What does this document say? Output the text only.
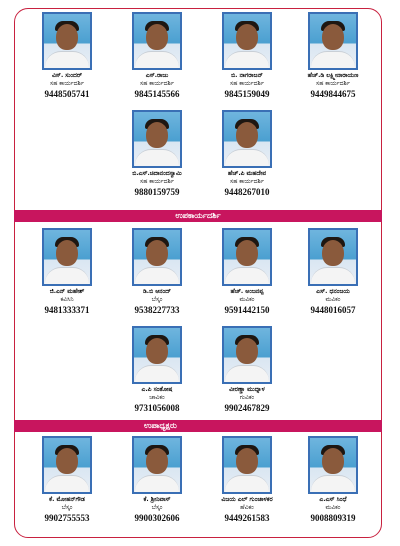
ವಿಸ್. ಸುಂದರ್
ಸಹ ಕಾರ್ಯದರ್ಶಿ
9448505741
ಎಸ್.ರಾಜು
ಸಹ ಕಾರ್ಯದರ್ಶಿ
9845145566
ಬಿ. ನಾಗರಾಜನ್
ಸಹ ಕಾರ್ಯದರ್ಶಿ
9845159049
ಹೆಚ್.ಡಿ ಲಕ್ಷ್ಮೀನಾರಾಯಣ
ಸಹ ಕಾರ್ಯದರ್ಶಿ
9449844675
ಬಿ.ಎಸ್.ಚಿದಾನಂದಸ್ವಾಮಿ
ಸಹ ಕಾರ್ಯದರ್ಶಿ
9880159759
ಹೆಚ್.ಪಿ ಮಹದೇವ
ಸಹ ಕಾರ್ಯದರ್ಶಿ
9448267010
ಉಪಕಾರ್ಯದರ್ಶಿ
ಜಿ.ಎನ್ ಮಹೇಶ್
ಕವಿಸಿನಿ
9481333371
ಡಿ.ಬಿ ಆನಂದ್
ಬೆಸ್ಕಂ
9538227733
ಹೆಚ್. ಅಂಜನಪ್ಪ
ಮವಿಕಂ
9591442150
ಎಸ್. ಧನಂಜಯ
ಮವಿಕಂ
9448016057
ಎ.ಪಿ ಸಂತೋಷ
ಚಾವಿಕಂ
9731056008
ವೀರಣ್ಣಾ ಮುದ್ನಾಳ
ಗುವಿಕಂ
9902467829
ಉಪಾಧ್ಯಕ್ಷರು
ಕೆ. ಮೋಹನ್‌ಗೌಡ
ಬೆಸ್ಕಂ
9902755553
ಕೆ. ಶ್ರೀನಿವಾಸ್
ಬೆಸ್ಕಂ
9900302606
ವಿಜಯ ಎಲ್ ಗುಂಜಾಳಕರ
ಹೆವಿಕಂ
9449261583
ಎ.ಎಸ್ ಸಿಂಧೆ
ಮವಿಕಂ
9008809319
